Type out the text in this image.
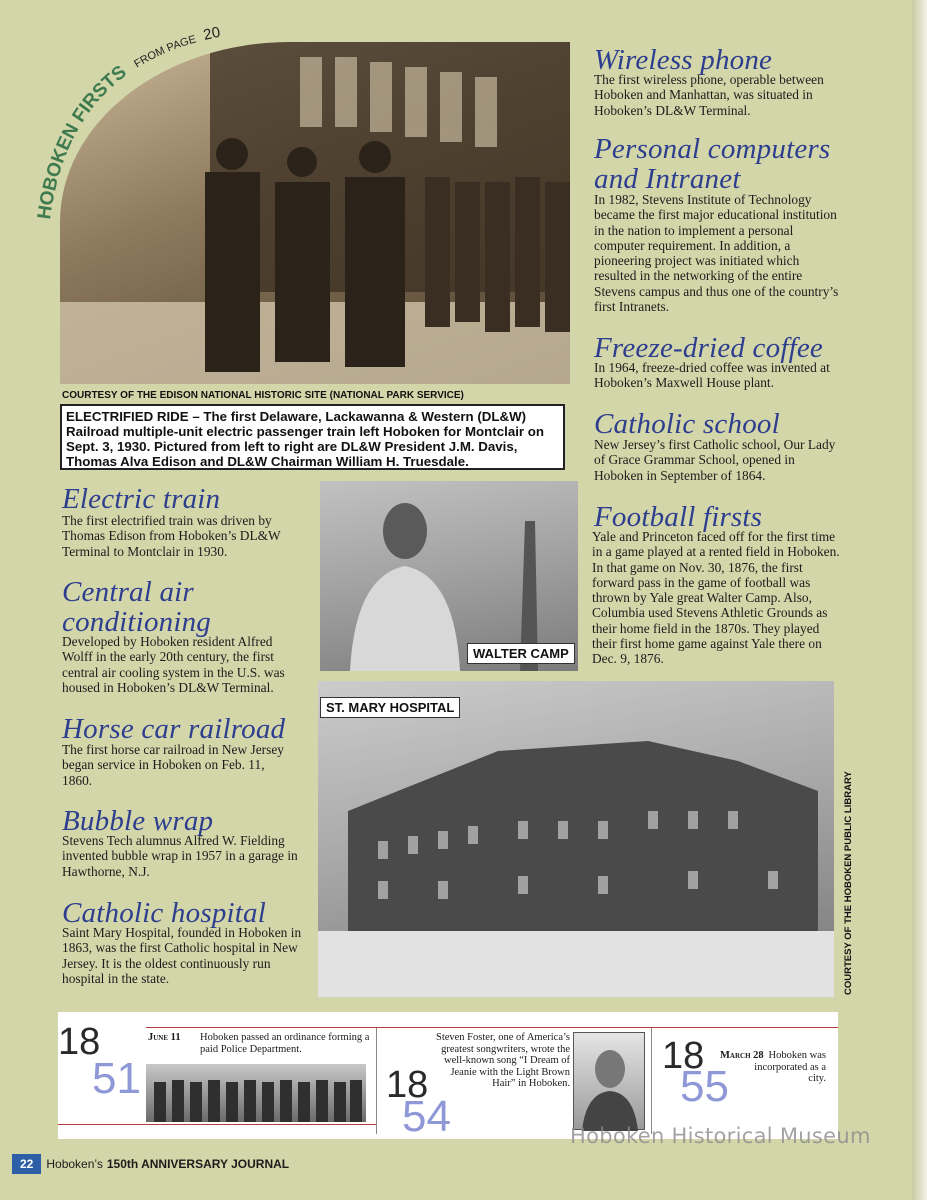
HOBOKEN FIRSTS FROM PAGE 20
COURTESY OF THE EDISON NATIONAL HISTORIC SITE (NATIONAL PARK SERVICE)
ELECTRIFIED RIDE – The first Delaware, Lackawanna & Western (DL&W) Railroad multiple-unit electric passenger train left Hoboken for Montclair on Sept. 3, 1930. Pictured from left to right are DL&W President J.M. Davis, Thomas Alva Edison and DL&W Chairman William H. Truesdale.
WALTER CAMP
ST. MARY HOSPITAL
COURTESY OF THE HOBOKEN PUBLIC LIBRARY
Electric train
The first electrified train was driven by Thomas Edison from Hoboken’s DL&W Terminal to Montclair in 1930.
Central air conditioning
Developed by Hoboken resident Alfred Wolff in the early 20th century, the first central air cooling system in the U.S. was housed in Hoboken’s DL&W Terminal.
Horse car railroad
The first horse car railroad in New Jersey began service in Hoboken on Feb. 11, 1860.
Bubble wrap
Stevens Tech alumnus Alfred W. Fielding invented bubble wrap in 1957 in a garage in Hawthorne, N.J.
Catholic hospital
Saint Mary Hospital, founded in Hoboken in 1863, was the first Catholic hospital in New Jersey. It is the oldest continuously run hospital in the state.
Wireless phone
The first wireless phone, operable between Hoboken and Manhattan, was situated in Hoboken’s DL&W Terminal.
Personal computers and Intranet
In 1982, Stevens Institute of Technology became the first major educational institution in the nation to implement a personal computer requirement. In addition, a pioneering project was initiated which resulted in the networking of the entire Stevens campus and thus one of the country’s first Intranets.
Freeze-dried coffee
In 1964, freeze-dried coffee was invented at Hoboken’s Maxwell House plant.
Catholic school
New Jersey’s first Catholic school, Our Lady of Grace Grammar School, opened in Hoboken in September of 1864.
Football firsts
Yale and Princeton faced off for the first time in a game played at a rented field in Hoboken. In that game on Nov. 30, 1876, the first forward pass in the game of football was thrown by Yale great Walter Camp. Also, Columbia used Stevens Athletic Grounds as their home field in the 1870s. They played their first home game against Yale there on Dec. 9, 1876.
18
51
June 11 Hoboken passed an ordinance forming a paid Police Department.
18
54
Steven Foster, one of America’s greatest songwriters, wrote the well-known song “I Dream of Jeanie with the Light Brown Hair” in Hoboken.
18
55
March 28 Hoboken was incorporated as a city.
Hoboken Historical Museum
22	Hoboken’s 150th ANNIVERSARY JOURNAL
